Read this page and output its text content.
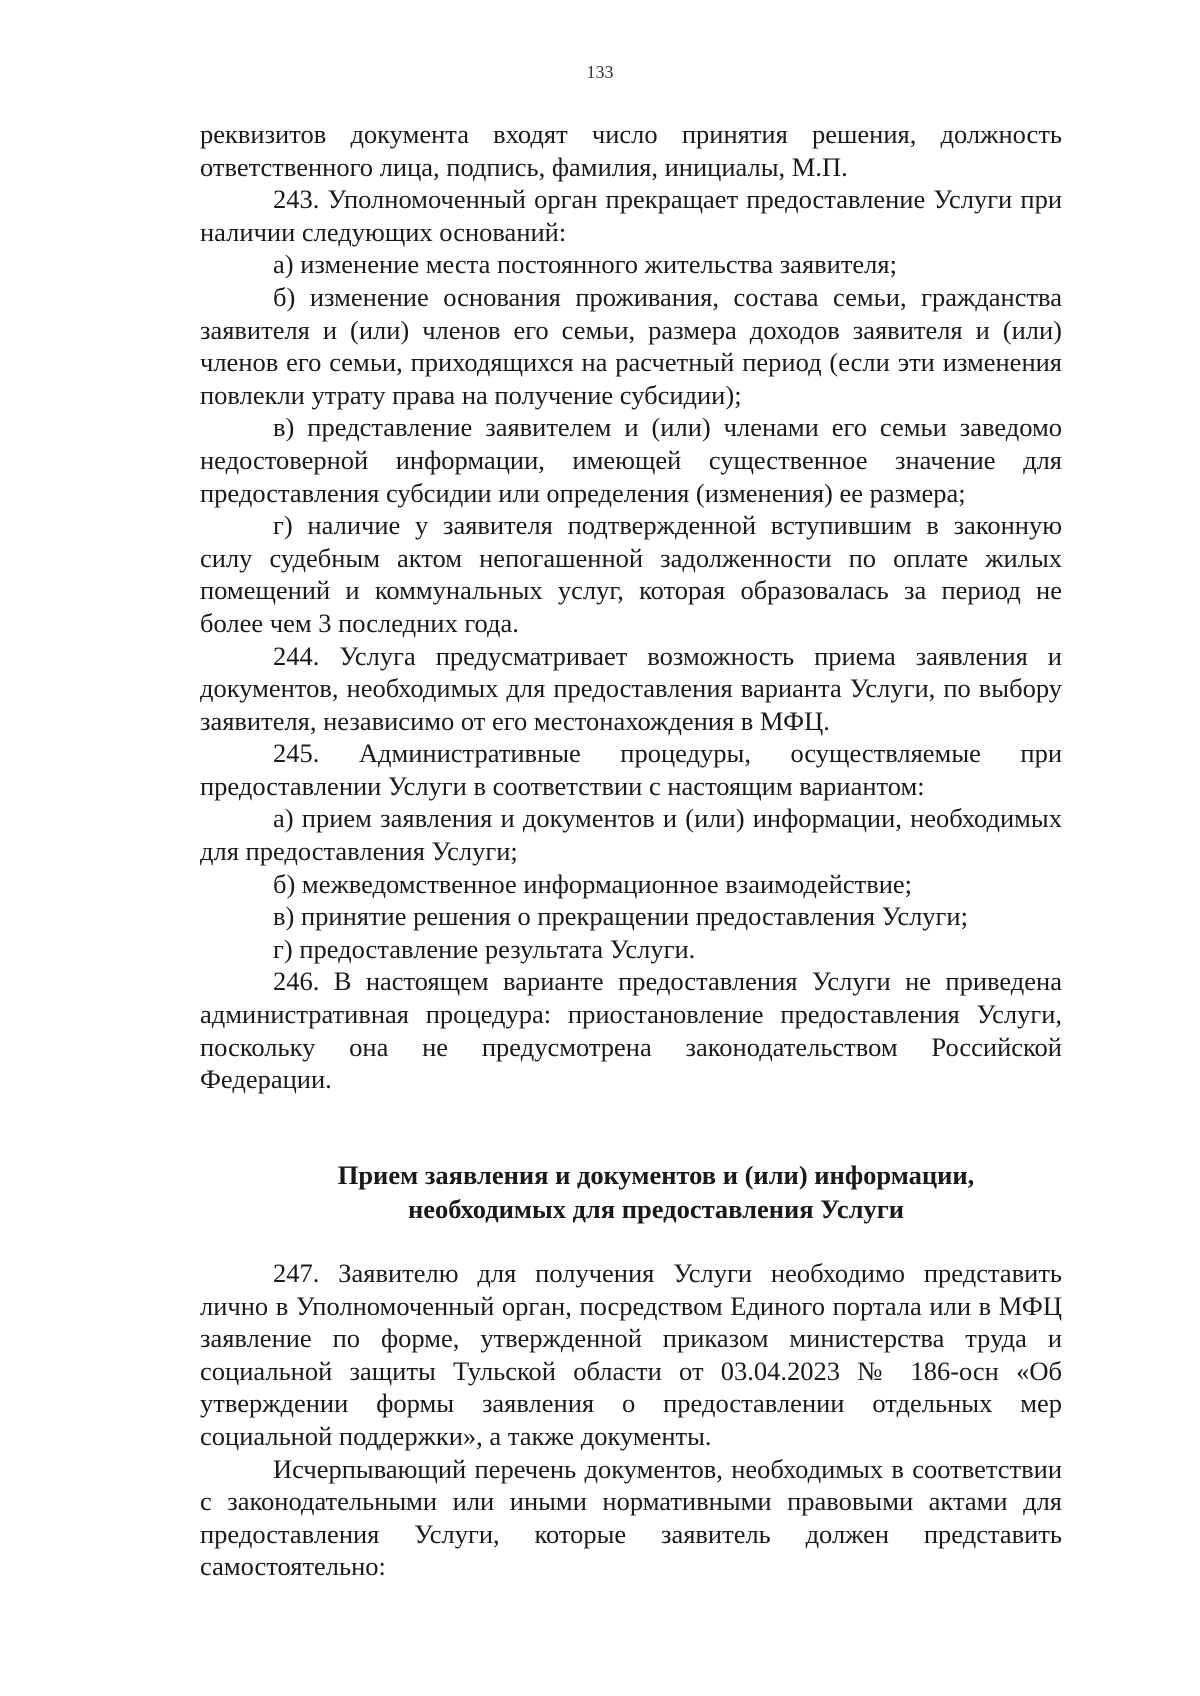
133

реквизитов документа входят число принятия решения, должность ответственного лица, подпись, фамилия, инициалы, М.П.

243. Уполномоченный орган прекращает предоставление Услуги при наличии следующих оснований:

а) изменение места постоянного жительства заявителя;

б) изменение основания проживания, состава семьи, гражданства заявителя и (или) членов его семьи, размера доходов заявителя и (или) членов его семьи, приходящихся на расчетный период (если эти изменения повлекли утрату права на получение субсидии);

в) представление заявителем и (или) членами его семьи заведомо недостоверной информации, имеющей существенное значение для предоставления субсидии или определения (изменения) ее размера;

г) наличие у заявителя подтвержденной вступившим в законную силу судебным актом непогашенной задолженности по оплате жилых помещений и коммунальных услуг, которая образовалась за период не более чем 3 последних года.

244. Услуга предусматривает возможность приема заявления и документов, необходимых для предоставления варианта Услуги, по выбору заявителя, независимо от его местонахождения в МФЦ.

245. Административные процедуры, осуществляемые при предоставлении Услуги в соответствии с настоящим вариантом:

а) прием заявления и документов и (или) информации, необходимых для предоставления Услуги;

б) межведомственное информационное взаимодействие;

в) принятие решения о прекращении предоставления Услуги;

г) предоставление результата Услуги.

246. В настоящем варианте предоставления Услуги не приведена административная процедура: приостановление предоставления Услуги, поскольку она не предусмотрена законодательством Российской Федерации.

Прием заявления и документов и (или) информации,
необходимых для предоставления Услуги

247. Заявителю для получения Услуги необходимо представить лично в Уполномоченный орган, посредством Единого портала или в МФЦ заявление по форме, утвержденной приказом министерства труда и социальной защиты Тульской области от 03.04.2023 № 186-осн «Об утверждении формы заявления о предоставлении отдельных мер социальной поддержки», а также документы.

Исчерпывающий перечень документов, необходимых в соответствии с законодательными или иными нормативными правовыми актами для предоставления Услуги, которые заявитель должен представить самостоятельно:
